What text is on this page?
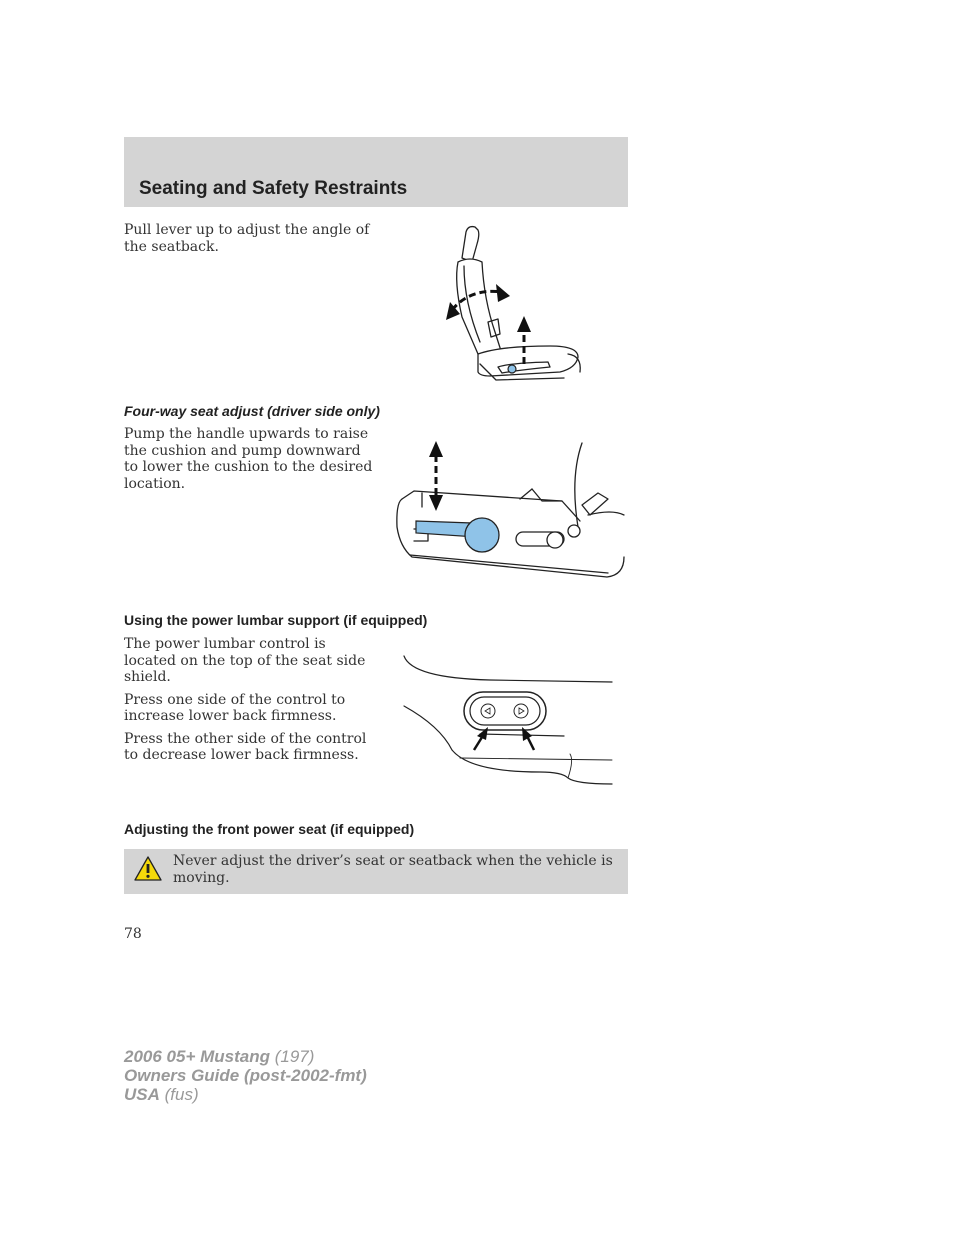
Seating and Safety Restraints

Pull lever up to adjust the angle of the seatback.

Four-way seat adjust (driver side only)

Pump the handle upwards to raise the cushion and pump downward to lower the cushion to the desired location.

Using the power lumbar support (if equipped)

The power lumbar control is located on the top of the seat side shield.

Press one side of the control to increase lower back firmness.

Press the other side of the control to decrease lower back firmness.

Adjusting the front power seat (if equipped)
Never adjust the driver’s seat or seatback when the vehicle is moving.
78
2006 05+ Mustang (197)
Owners Guide (post-2002-fmt)
USA (fus)
